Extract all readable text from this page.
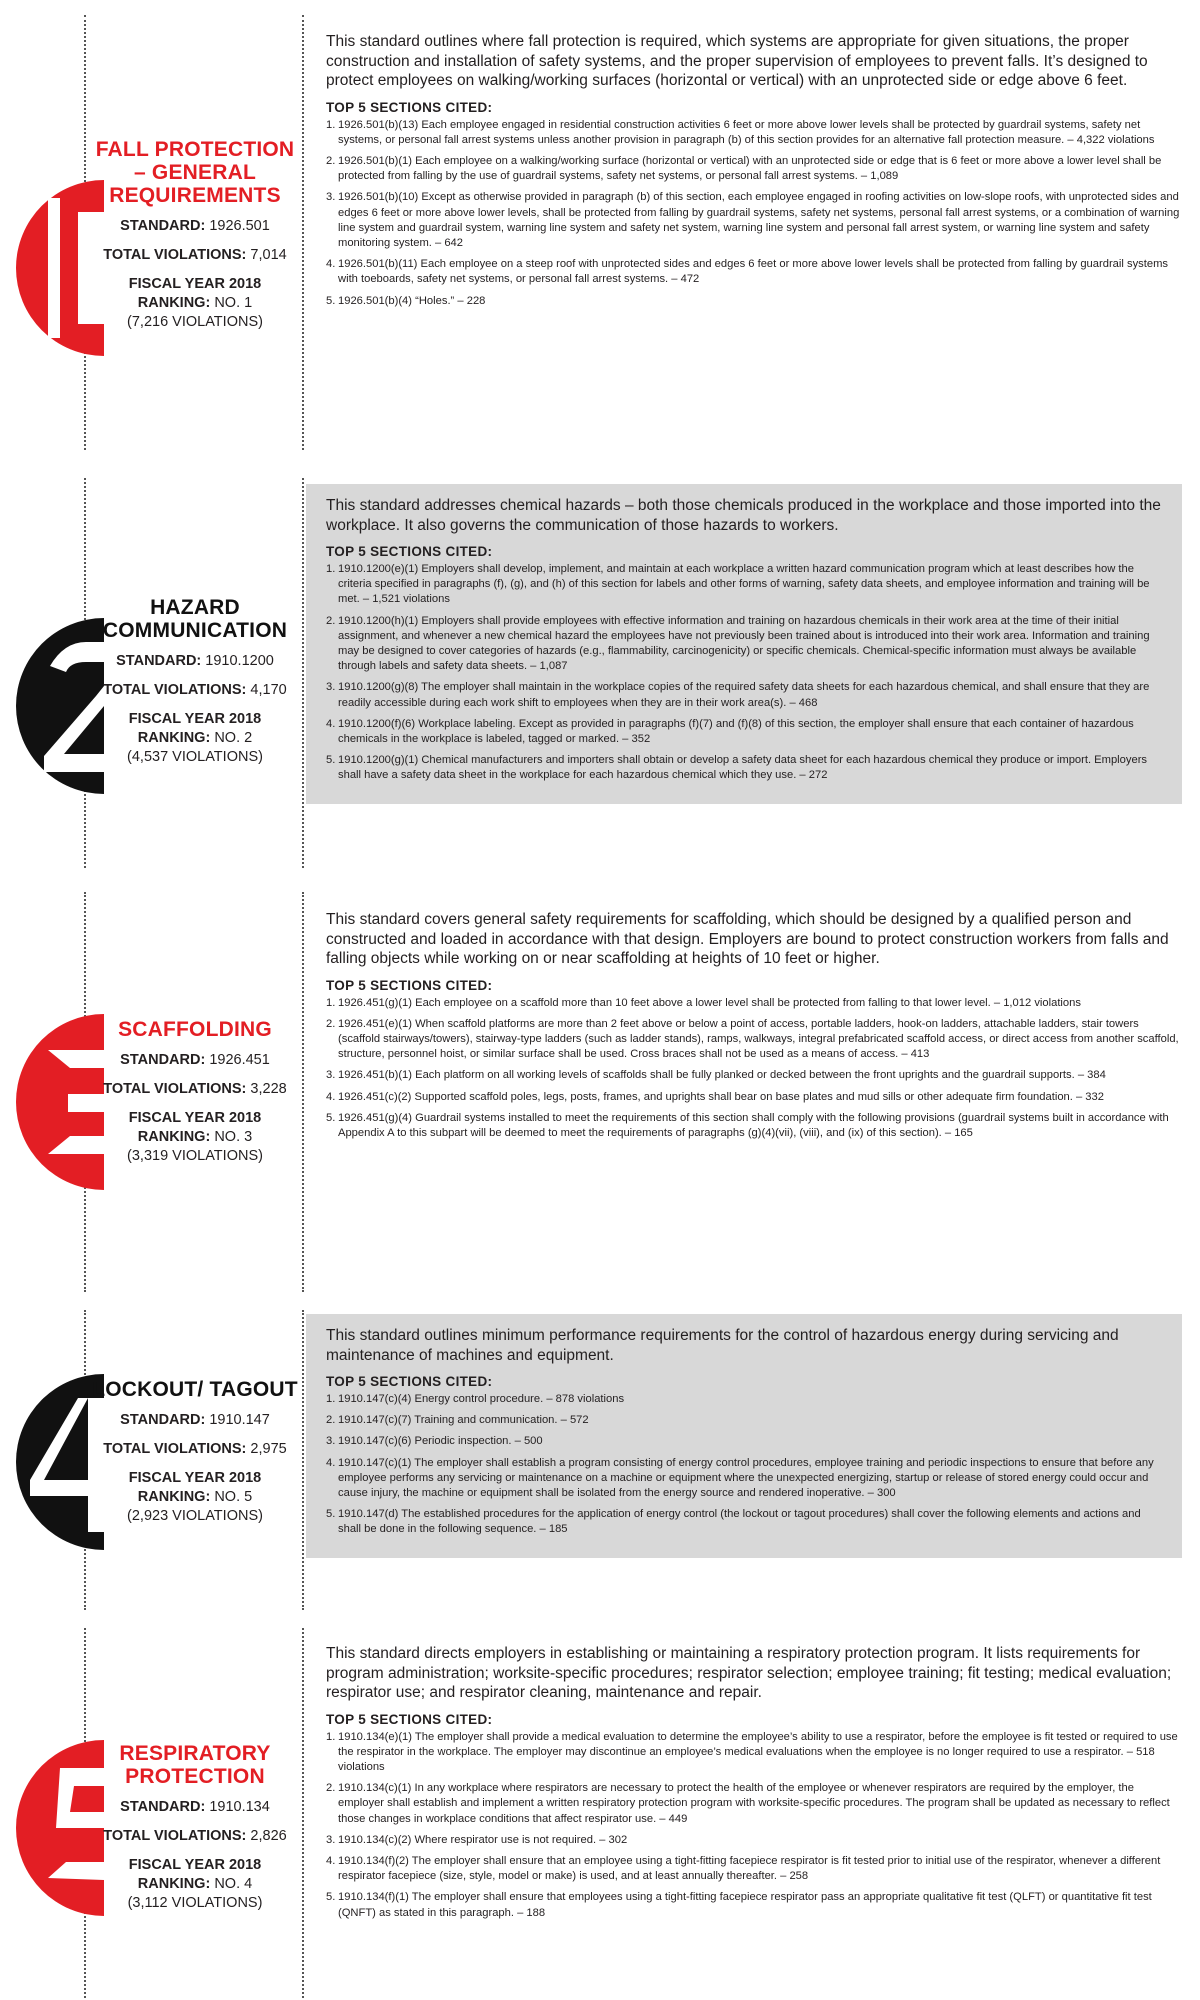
FALL PROTECTION – GENERAL REQUIREMENTS
STANDARD: 1926.501
TOTAL VIOLATIONS: 7,014
FISCAL YEAR 2018
RANKING: NO. 1
(7,216 VIOLATIONS)

This standard outlines where fall protection is required, which systems are appropriate for given situations, the proper construction and installation of safety systems, and the proper supervision of employees to prevent falls. It’s designed to protect employees on walking/working surfaces (horizontal or vertical) with an unprotected side or edge above 6 feet.

TOP 5 SECTIONS CITED:
1. 1926.501(b)(13) Each employee engaged in residential construction activities 6 feet or more above lower levels shall be protected by guardrail systems, safety net systems, or personal fall arrest systems unless another provision in paragraph (b) of this section provides for an alternative fall protection measure. – 4,322 violations
2. 1926.501(b)(1) Each employee on a walking/working surface (horizontal or vertical) with an unprotected side or edge that is 6 feet or more above a lower level shall be protected from falling by the use of guardrail systems, safety net systems, or personal fall arrest systems. – 1,089
3. 1926.501(b)(10) Except as otherwise provided in paragraph (b) of this section, each employee engaged in roofing activities on low-slope roofs, with unprotected sides and edges 6 feet or more above lower levels, shall be protected from falling by guardrail systems, safety net systems, personal fall arrest systems, or a combination of warning line system and guardrail system, warning line system and safety net system, warning line system and personal fall arrest system, or warning line system and safety monitoring system. – 642
4. 1926.501(b)(11) Each employee on a steep roof with unprotected sides and edges 6 feet or more above lower levels shall be protected from falling by guardrail systems with toeboards, safety net systems, or personal fall arrest systems. – 472
5. 1926.501(b)(4) “Holes.” – 228
HAZARD COMMUNICATION
STANDARD: 1910.1200
TOTAL VIOLATIONS: 4,170
FISCAL YEAR 2018
RANKING: NO. 2
(4,537 VIOLATIONS)

This standard addresses chemical hazards – both those chemicals produced in the workplace and those imported into the workplace. It also governs the communication of those hazards to workers.

TOP 5 SECTIONS CITED:
1. 1910.1200(e)(1) Employers shall develop, implement, and maintain at each workplace a written hazard communication program which at least describes how the criteria specified in paragraphs (f), (g), and (h) of this section for labels and other forms of warning, safety data sheets, and employee information and training will be met. – 1,521 violations
2. 1910.1200(h)(1) Employers shall provide employees with effective information and training on hazardous chemicals in their work area at the time of their initial assignment, and whenever a new chemical hazard the employees have not previously been trained about is introduced into their work area. Information and training may be designed to cover categories of hazards (e.g., flammability, carcinogenicity) or specific chemicals. Chemical-specific information must always be available through labels and safety data sheets. – 1,087
3. 1910.1200(g)(8) The employer shall maintain in the workplace copies of the required safety data sheets for each hazardous chemical, and shall ensure that they are readily accessible during each work shift to employees when they are in their work area(s). – 468
4. 1910.1200(f)(6) Workplace labeling. Except as provided in paragraphs (f)(7) and (f)(8) of this section, the employer shall ensure that each container of hazardous chemicals in the workplace is labeled, tagged or marked. – 352
5. 1910.1200(g)(1) Chemical manufacturers and importers shall obtain or develop a safety data sheet for each hazardous chemical they produce or import. Employers shall have a safety data sheet in the workplace for each hazardous chemical which they use. – 272
SCAFFOLDING
STANDARD: 1926.451
TOTAL VIOLATIONS: 3,228
FISCAL YEAR 2018
RANKING: NO. 3
(3,319 VIOLATIONS)

This standard covers general safety requirements for scaffolding, which should be designed by a qualified person and constructed and loaded in accordance with that design. Employers are bound to protect construction workers from falls and falling objects while working on or near scaffolding at heights of 10 feet or higher.

TOP 5 SECTIONS CITED:
1. 1926.451(g)(1) Each employee on a scaffold more than 10 feet above a lower level shall be protected from falling to that lower level. – 1,012 violations
2. 1926.451(e)(1) When scaffold platforms are more than 2 feet above or below a point of access, portable ladders, hook-on ladders, attachable ladders, stair towers (scaffold stairways/towers), stairway-type ladders (such as ladder stands), ramps, walkways, integral prefabricated scaffold access, or direct access from another scaffold, structure, personnel hoist, or similar surface shall be used. Cross braces shall not be used as a means of access. – 413
3. 1926.451(b)(1) Each platform on all working levels of scaffolds shall be fully planked or decked between the front uprights and the guardrail supports. – 384
4. 1926.451(c)(2) Supported scaffold poles, legs, posts, frames, and uprights shall bear on base plates and mud sills or other adequate firm foundation. – 332
5. 1926.451(g)(4) Guardrail systems installed to meet the requirements of this section shall comply with the following provisions (guardrail systems built in accordance with Appendix A to this subpart will be deemed to meet the requirements of paragraphs (g)(4)(vii), (viii), and (ix) of this section). – 165
LOCKOUT/ TAGOUT
STANDARD: 1910.147
TOTAL VIOLATIONS: 2,975
FISCAL YEAR 2018
RANKING: NO. 5
(2,923 VIOLATIONS)

This standard outlines minimum performance requirements for the control of hazardous energy during servicing and maintenance of machines and equipment.

TOP 5 SECTIONS CITED:
1. 1910.147(c)(4) Energy control procedure. – 878 violations
2. 1910.147(c)(7) Training and communication. – 572
3. 1910.147(c)(6) Periodic inspection. – 500
4. 1910.147(c)(1) The employer shall establish a program consisting of energy control procedures, employee training and periodic inspections to ensure that before any employee performs any servicing or maintenance on a machine or equipment where the unexpected energizing, startup or release of stored energy could occur and cause injury, the machine or equipment shall be isolated from the energy source and rendered inoperative. – 300
5. 1910.147(d) The established procedures for the application of energy control (the lockout or tagout procedures) shall cover the following elements and actions and shall be done in the following sequence. – 185
RESPIRATORY PROTECTION
STANDARD: 1910.134
TOTAL VIOLATIONS: 2,826
FISCAL YEAR 2018
RANKING: NO. 4
(3,112 VIOLATIONS)

This standard directs employers in establishing or maintaining a respiratory protection program. It lists requirements for program administration; worksite-specific procedures; respirator selection; employee training; fit testing; medical evaluation; respirator use; and respirator cleaning, maintenance and repair.

TOP 5 SECTIONS CITED:
1. 1910.134(e)(1) The employer shall provide a medical evaluation to determine the employee’s ability to use a respirator, before the employee is fit tested or required to use the respirator in the workplace. The employer may discontinue an employee’s medical evaluations when the employee is no longer required to use a respirator. – 518 violations
2. 1910.134(c)(1) In any workplace where respirators are necessary to protect the health of the employee or whenever respirators are required by the employer, the employer shall establish and implement a written respiratory protection program with worksite-specific procedures. The program shall be updated as necessary to reflect those changes in workplace conditions that affect respirator use. – 449
3. 1910.134(c)(2) Where respirator use is not required. – 302
4. 1910.134(f)(2) The employer shall ensure that an employee using a tight-fitting facepiece respirator is fit tested prior to initial use of the respirator, whenever a different respirator facepiece (size, style, model or make) is used, and at least annually thereafter. – 258
5. 1910.134(f)(1) The employer shall ensure that employees using a tight-fitting facepiece respirator pass an appropriate qualitative fit test (QLFT) or quantitative fit test (QNFT) as stated in this paragraph. – 188
